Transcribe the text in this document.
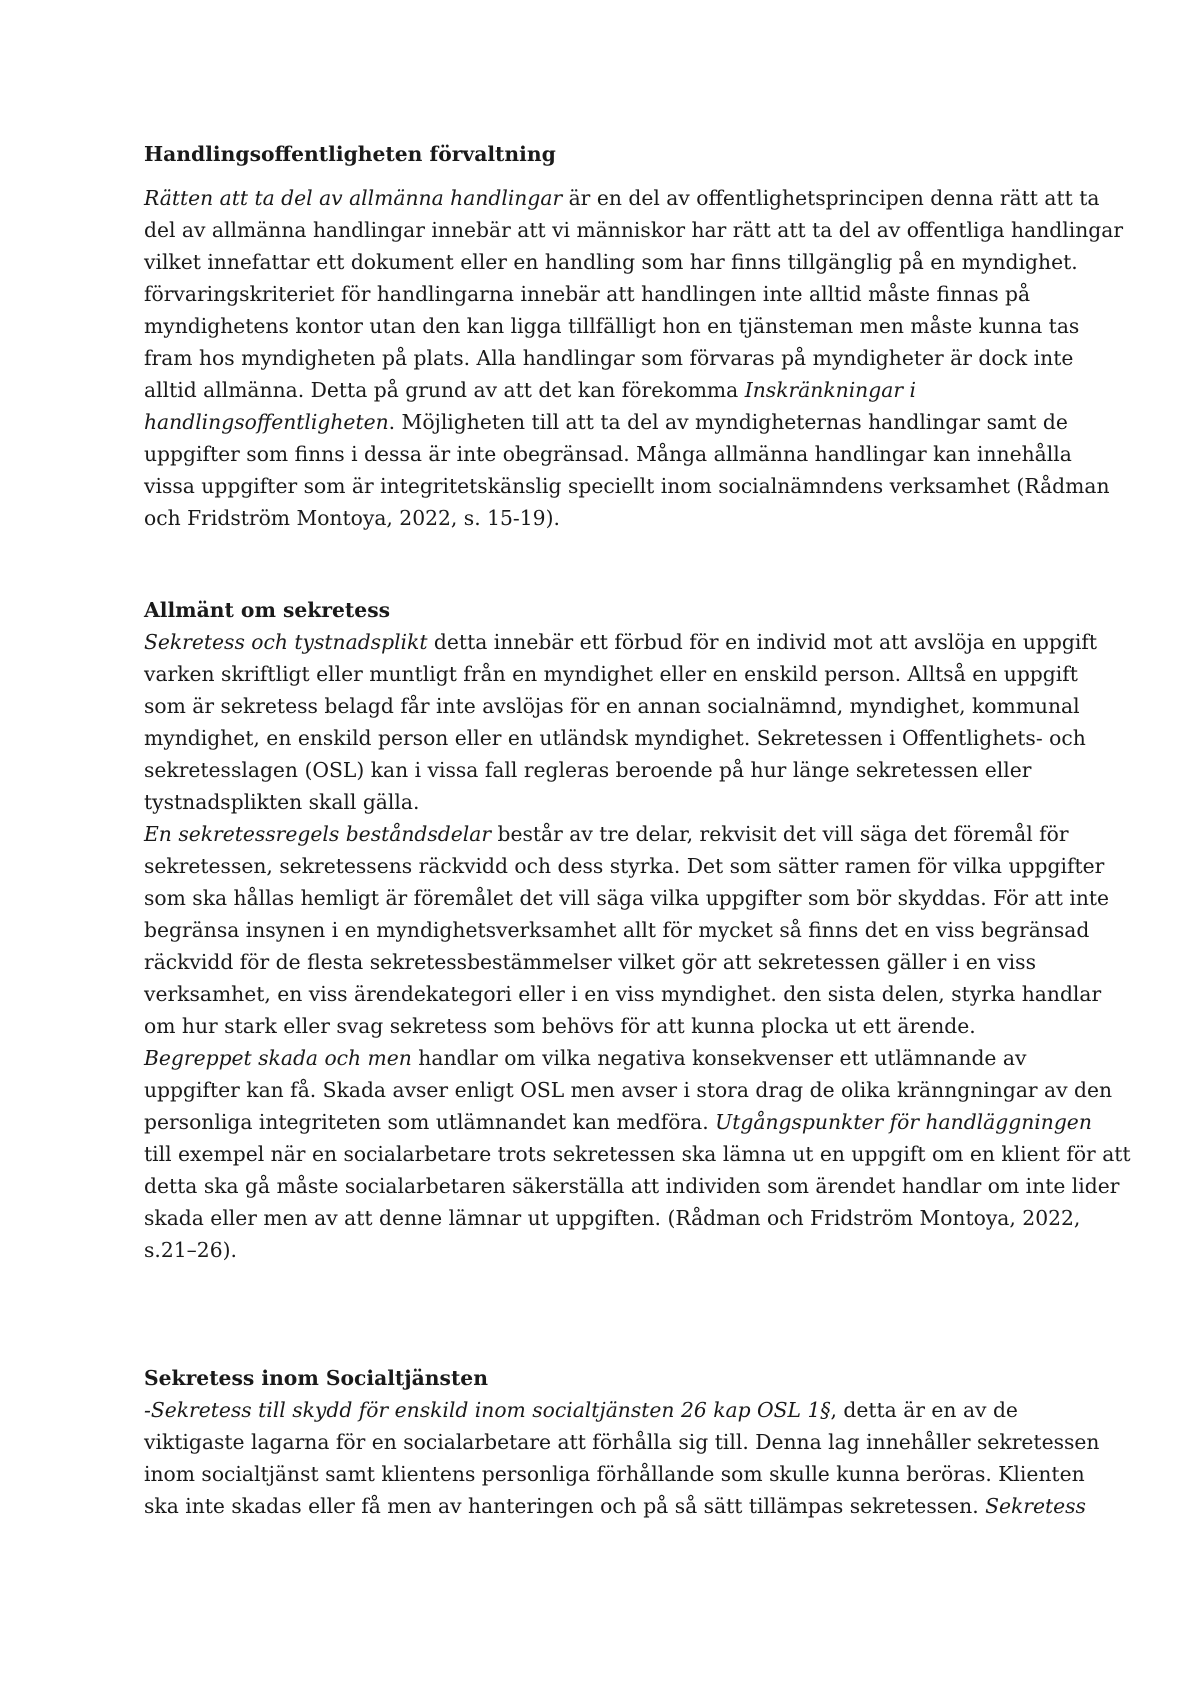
Handlingsoffentligheten förvaltning
Rätten att ta del av allmänna handlingar är en del av offentlighetsprincipen denna rätt att ta
del av allmänna handlingar innebär att vi människor har rätt att ta del av offentliga handlingar
vilket innefattar ett dokument eller en handling som har finns tillgänglig på en myndighet.
förvaringskriteriet för handlingarna innebär att handlingen inte alltid måste finnas på
myndighetens kontor utan den kan ligga tillfälligt hon en tjänsteman men måste kunna tas
fram hos myndigheten på plats. Alla handlingar som förvaras på myndigheter är dock inte
alltid allmänna. Detta på grund av att det kan förekomma Inskränkningar i
handlingsoffentligheten. Möjligheten till att ta del av myndigheternas handlingar samt de
uppgifter som finns i dessa är inte obegränsad. Många allmänna handlingar kan innehålla
vissa uppgifter som är integritetskänslig speciellt inom socialnämndens verksamhet (Rådman
och Fridström Montoya, 2022, s. 15-19).
Allmänt om sekretess
Sekretess och tystnadsplikt detta innebär ett förbud för en individ mot att avslöja en uppgift
varken skriftligt eller muntligt från en myndighet eller en enskild person. Alltså en uppgift
som är sekretess belagd får inte avslöjas för en annan socialnämnd, myndighet, kommunal
myndighet, en enskild person eller en utländsk myndighet. Sekretessen i Offentlighets- och
sekretesslagen (OSL) kan i vissa fall regleras beroende på hur länge sekretessen eller
tystnadsplikten skall gälla.
En sekretessregels beståndsdelar består av tre delar, rekvisit det vill säga det föremål för
sekretessen, sekretessens räckvidd och dess styrka. Det som sätter ramen för vilka uppgifter
som ska hållas hemligt är föremålet det vill säga vilka uppgifter som bör skyddas. För att inte
begränsa insynen i en myndighetsverksamhet allt för mycket så finns det en viss begränsad
räckvidd för de flesta sekretessbestämmelser vilket gör att sekretessen gäller i en viss
verksamhet, en viss ärendekategori eller i en viss myndighet. den sista delen, styrka handlar
om hur stark eller svag sekretess som behövs för att kunna plocka ut ett ärende.
Begreppet skada och men handlar om vilka negativa konsekvenser ett utlämnande av
uppgifter kan få. Skada avser enligt OSL men avser i stora drag de olika kränngningar av den
personliga integriteten som utlämnandet kan medföra. Utgångspunkter för handläggningen
till exempel när en socialarbetare trots sekretessen ska lämna ut en uppgift om en klient för att
detta ska gå måste socialarbetaren säkerställa att individen som ärendet handlar om inte lider
skada eller men av att denne lämnar ut uppgiften. (Rådman och Fridström Montoya, 2022,
s.21–26).
Sekretess inom Socialtjänsten
-Sekretess till skydd för enskild inom socialtjänsten 26 kap OSL 1§, detta är en av de
viktigaste lagarna för en socialarbetare att förhålla sig till. Denna lag innehåller sekretessen
inom socialtjänst samt klientens personliga förhållande som skulle kunna beröras. Klienten
ska inte skadas eller få men av hanteringen och på så sätt tillämpas sekretessen. Sekretess
